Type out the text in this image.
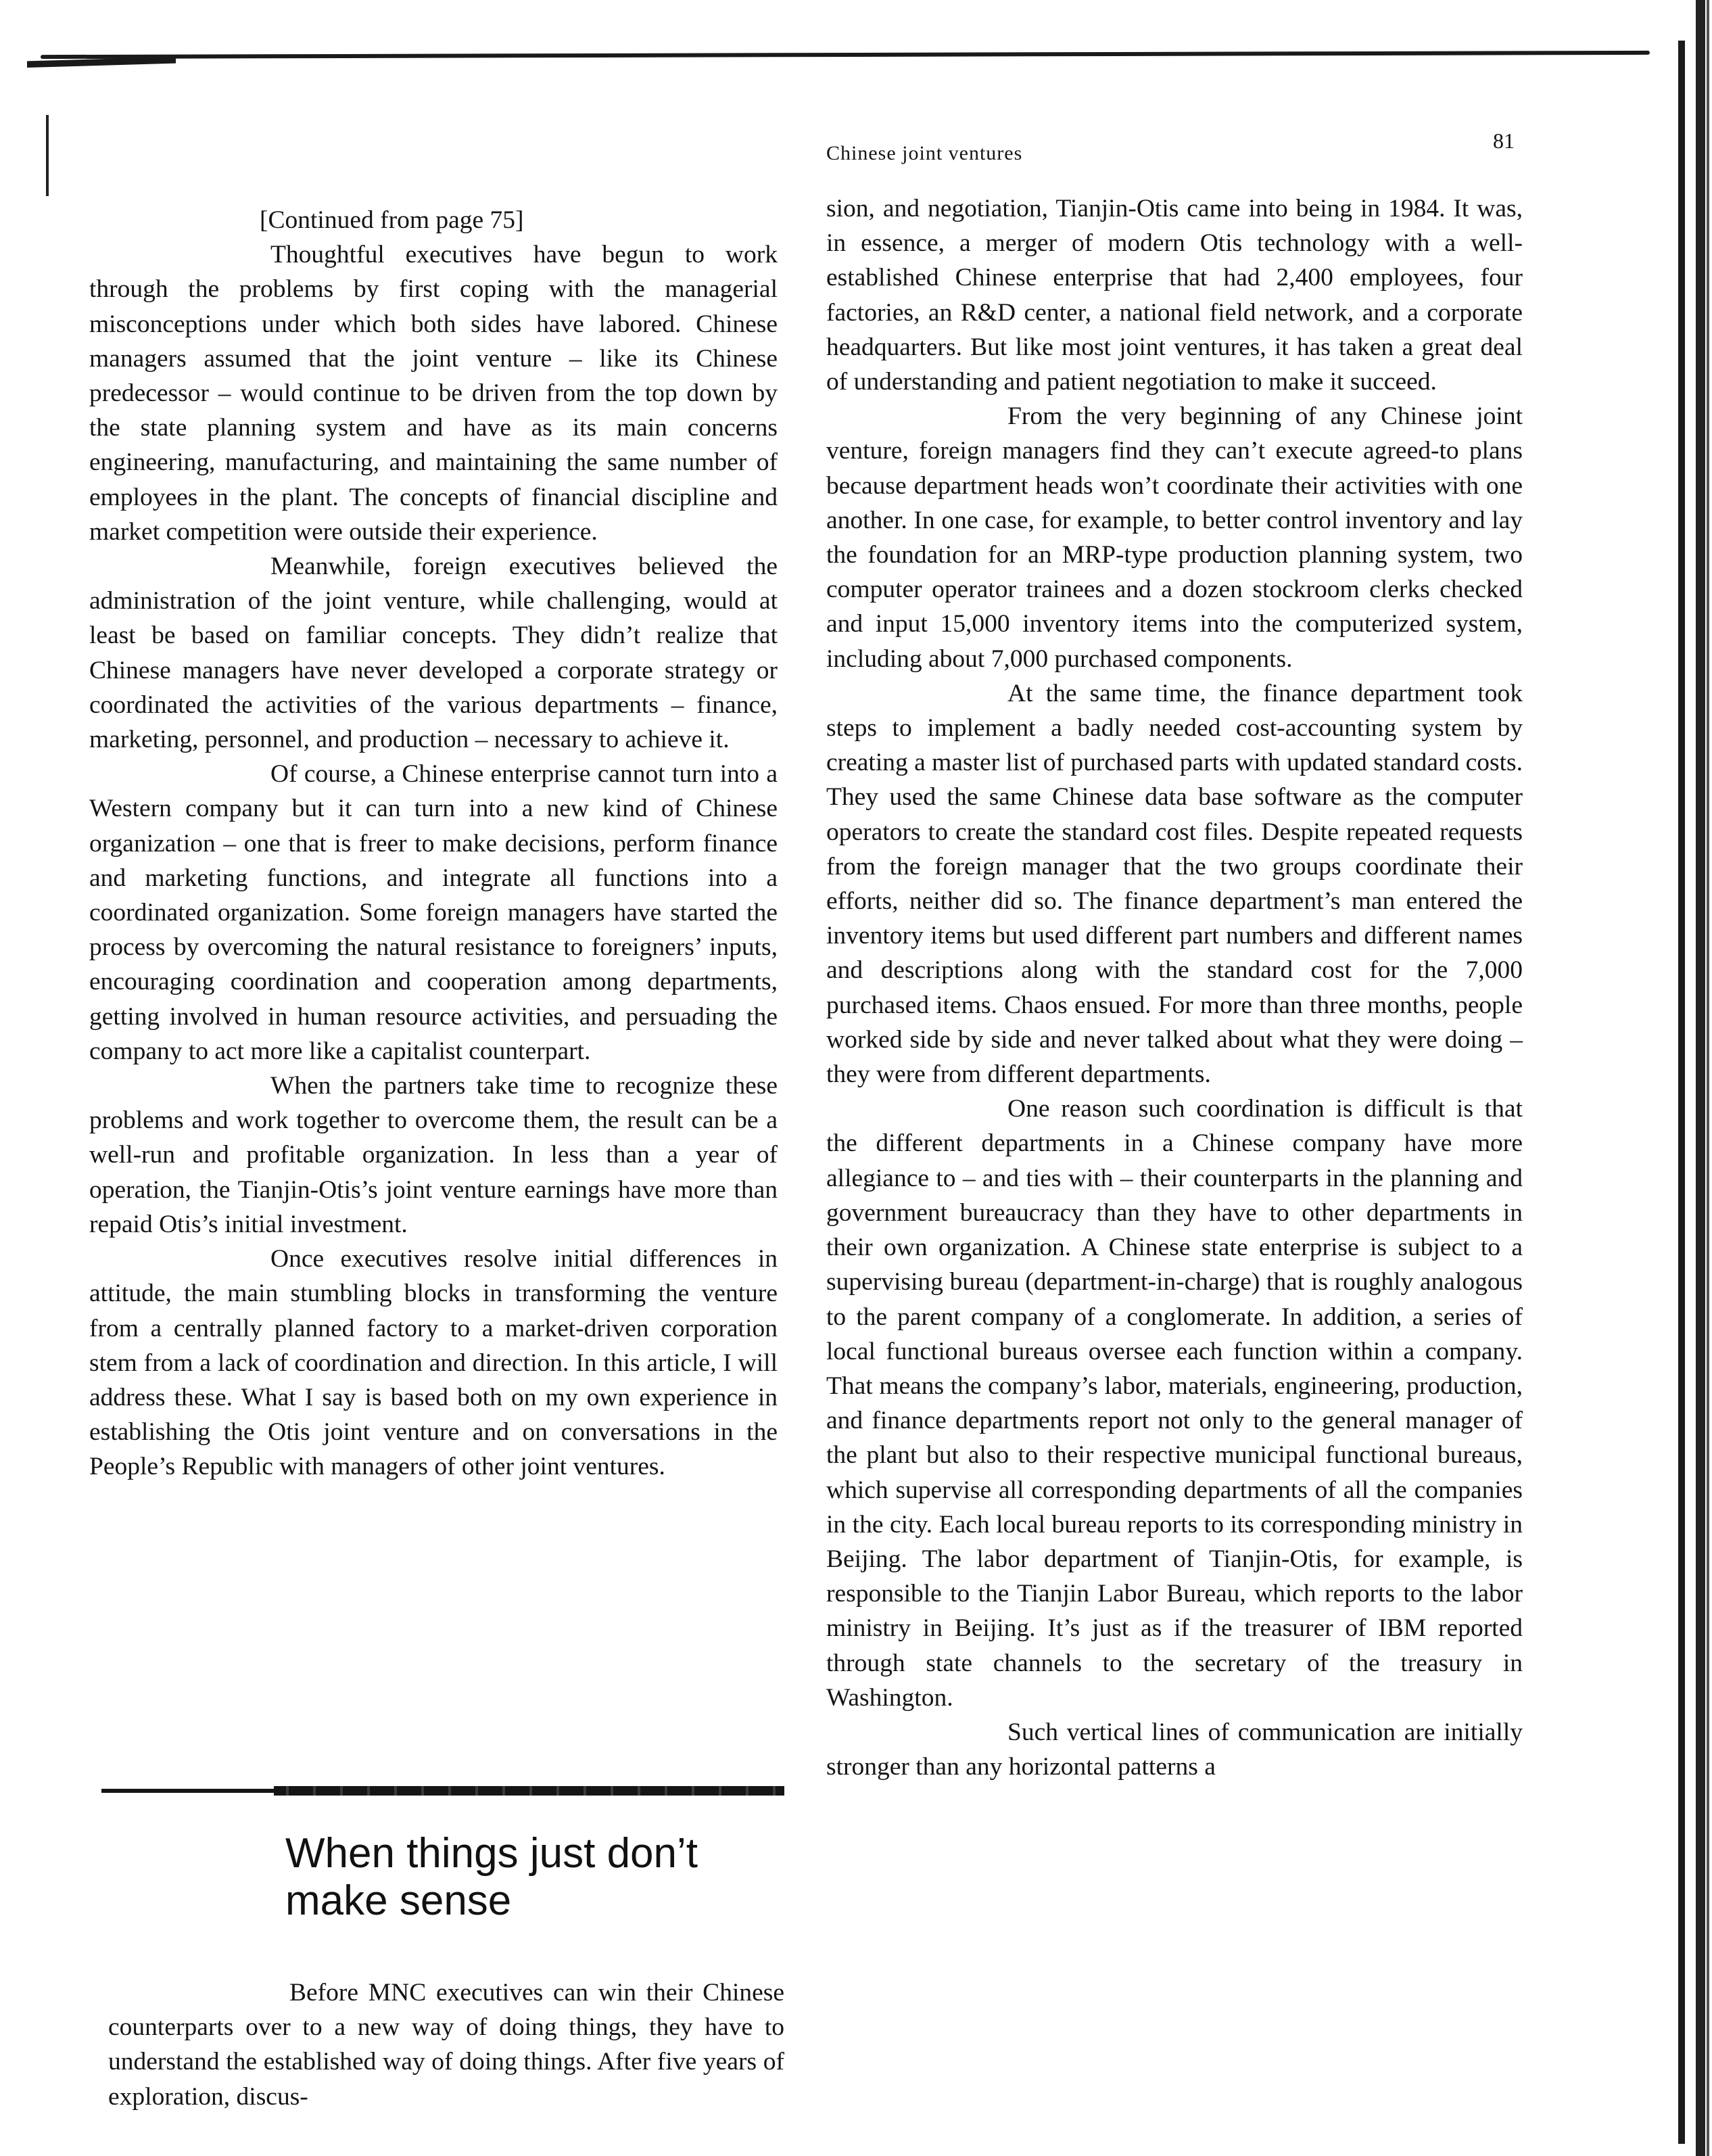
Chinese joint ventures
81

[Continued from page 75]

Thoughtful executives have begun to work through the problems by first coping with the managerial misconceptions under which both sides have labored. Chinese managers assumed that the joint venture – like its Chinese predecessor – would continue to be driven from the top down by the state planning system and have as its main concerns engineering, manufacturing, and maintaining the same number of employees in the plant. The concepts of financial discipline and market competition were outside their experience.

Meanwhile, foreign executives believed the administration of the joint venture, while challenging, would at least be based on familiar concepts. They didn’t realize that Chinese managers have never developed a corporate strategy or coordinated the activities of the various departments – finance, marketing, personnel, and production – necessary to achieve it.

Of course, a Chinese enterprise cannot turn into a Western company but it can turn into a new kind of Chinese organization – one that is freer to make decisions, perform finance and marketing functions, and integrate all functions into a coordinated organization. Some foreign managers have started the process by overcoming the natural resistance to foreigners’ inputs, encouraging coordination and cooperation among departments, getting involved in human resource activities, and persuading the company to act more like a capitalist counterpart.

When the partners take time to recognize these problems and work together to overcome them, the result can be a well-run and profitable organization. In less than a year of operation, the Tianjin-Otis’s joint venture earnings have more than repaid Otis’s initial investment.

Once executives resolve initial differences in attitude, the main stumbling blocks in transforming the venture from a centrally planned factory to a market-driven corporation stem from a lack of coordination and direction. In this article, I will address these. What I say is based both on my own experience in establishing the Otis joint venture and on conversations in the People’s Republic with managers of other joint ventures.

When things just don’t make sense

Before MNC executives can win their Chinese counterparts over to a new way of doing things, they have to understand the established way of doing things. After five years of exploration, discus-

sion, and negotiation, Tianjin-Otis came into being in 1984. It was, in essence, a merger of modern Otis technology with a well-established Chinese enterprise that had 2,400 employees, four factories, an R&D center, a national field network, and a corporate headquarters. But like most joint ventures, it has taken a great deal of understanding and patient negotiation to make it succeed.

From the very beginning of any Chinese joint venture, foreign managers find they can’t execute agreed-to plans because department heads won’t coordinate their activities with one another. In one case, for example, to better control inventory and lay the foundation for an MRP-type production planning system, two computer operator trainees and a dozen stockroom clerks checked and input 15,000 inventory items into the computerized system, including about 7,000 purchased components.

At the same time, the finance department took steps to implement a badly needed cost-accounting system by creating a master list of purchased parts with updated standard costs. They used the same Chinese data base software as the computer operators to create the standard cost files. Despite repeated requests from the foreign manager that the two groups coordinate their efforts, neither did so. The finance department’s man entered the inventory items but used different part numbers and different names and descriptions along with the standard cost for the 7,000 purchased items. Chaos ensued. For more than three months, people worked side by side and never talked about what they were doing – they were from different departments.

One reason such coordination is difficult is that the different departments in a Chinese company have more allegiance to – and ties with – their counterparts in the planning and government bureaucracy than they have to other departments in their own organization. A Chinese state enterprise is subject to a supervising bureau (department-in-charge) that is roughly analogous to the parent company of a conglomerate. In addition, a series of local functional bureaus oversee each function within a company. That means the company’s labor, materials, engineering, production, and finance departments report not only to the general manager of the plant but also to their respective municipal functional bureaus, which supervise all corresponding departments of all the companies in the city. Each local bureau reports to its corresponding ministry in Beijing. The labor department of Tianjin-Otis, for example, is responsible to the Tianjin Labor Bureau, which reports to the labor ministry in Beijing. It’s just as if the treasurer of IBM reported through state channels to the secretary of the treasury in Washington.

Such vertical lines of communication are initially stronger than any horizontal patterns a
